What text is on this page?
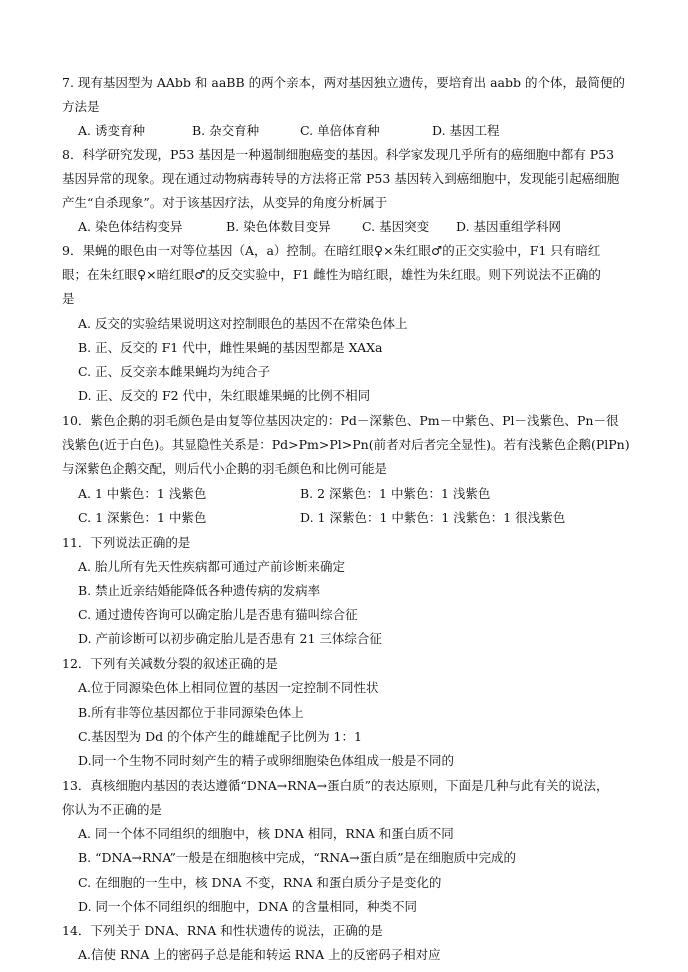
7. 现有基因型为 AAbb 和 aaBB 的两个亲本，两对基因独立遗传，要培育出 aabb 的个体，最简便的
方法是
A. 诱变育种	B. 杂交育种	C. 单倍体育种	D. 基因工程
8．科学研究发现，P53 基因是一种遏制细胞癌变的基因。科学家发现几乎所有的癌细胞中都有 P53
基因异常的现象。现在通过动物病毒转导的方法将正常 P53 基因转入到癌细胞中，发现能引起癌细胞
产生“自杀现象”。对于该基因疗法，从变异的角度分析属于
A. 染色体结构变异	B. 染色体数目变异	C. 基因突变 D. 基因重组学科网
9．果蝇的眼色由一对等位基因（A，a）控制。在暗红眼♀×朱红眼♂的正交实验中，F1 只有暗红
眼；在朱红眼♀×暗红眼♂的反交实验中，F1 雌性为暗红眼，雄性为朱红眼。则下列说法不正确的
是
A. 反交的实验结果说明这对控制眼色的基因不在常染色体上
B. 正、反交的 F1 代中，雌性果蝇的基因型都是 XAXa
C. 正、反交亲本雌果蝇均为纯合子
D. 正、反交的 F2 代中，朱红眼雄果蝇的比例不相同
10．紫色企鹅的羽毛颜色是由复等位基因决定的：Pd－深紫色、Pm－中紫色、Pl－浅紫色、Pn－很
浅紫色(近于白色)。其显隐性关系是：Pd>Pm>Pl>Pn(前者对后者完全显性)。若有浅紫色企鹅(PlPn)
与深紫色企鹅交配，则后代小企鹅的羽毛颜色和比例可能是
A. 1 中紫色：1 浅紫色	B. 2 深紫色：1 中紫色：1 浅紫色
C. 1 深紫色：1 中紫色	D. 1 深紫色：1 中紫色：1 浅紫色：1 很浅紫色
11．下列说法正确的是
A. 胎儿所有先天性疾病都可通过产前诊断来确定
B. 禁止近亲结婚能降低各种遗传病的发病率
C. 通过遗传咨询可以确定胎儿是否患有猫叫综合征
D. 产前诊断可以初步确定胎儿是否患有 21 三体综合征
12．下列有关减数分裂的叙述正确的是
A.位于同源染色体上相同位置的基因一定控制不同性状
B.所有非等位基因都位于非同源染色体上
C.基因型为 Dd 的个体产生的雌雄配子比例为 1：1
D.同一个生物不同时刻产生的精子或卵细胞染色体组成一般是不同的
13．真核细胞内基因的表达遵循“DNA→RNA→蛋白质”的表达原则，下面是几种与此有关的说法，
你认为不正确的是
A. 同一个体不同组织的细胞中，核 DNA 相同，RNA 和蛋白质不同
B. “DNA→RNA”一般是在细胞核中完成，“RNA→蛋白质”是在细胞质中完成的
C. 在细胞的一生中，核 DNA 不变，RNA 和蛋白质分子是变化的
D. 同一个体不同组织的细胞中，DNA 的含量相同，种类不同
14．下列关于 DNA、RNA 和性状遗传的说法，正确的是
A.信使 RNA 上的密码子总是能和转运 RNA 上的反密码子相对应
